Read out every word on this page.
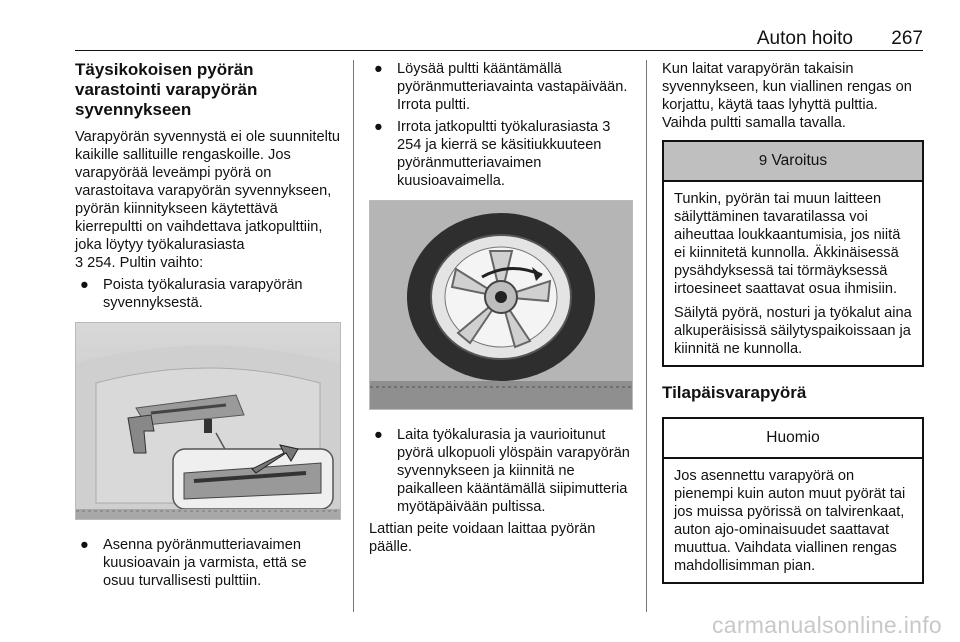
Auton hoito 267
Täysikokoisen pyörän varastointi varapyörän syvennykseen

Varapyörän syvennystä ei ole suunniteltu kaikille sallituille rengaskoille. Jos varapyörää leveämpi pyörä on varastoitava varapyörän syvennykseen, pyörän kiinnitykseen käytettävä kierrepultti on vaihdettava jatkopulttiin, joka löytyy työkalurasiasta

3 254. Pultin vaihto:

● Poista työkalurasia varapyörän syvennyksestä.
● Asenna pyöränmutteriavaimen kuusioavain ja varmista, että se osuu turvallisesti pulttiin.
● Löysää pultti kääntämällä pyöränmutteriavainta vastapäivään. Irrota pultti.
● Irrota jatkopultti työkalurasiasta 3 254 ja kierrä se käsitiukkuuteen pyöränmutteriavaimen kuusioavaimella.
● Laita työkalurasia ja vaurioitunut pyörä ulkopuoli ylöspäin varapyörän syvennykseen ja kiinnitä ne paikalleen kääntämällä siipimutteria myötäpäivään pultissa.

Lattian peite voidaan laittaa pyörän päälle.

Kun laitat varapyörän takaisin syvennykseen, kun viallinen rengas on korjattu, käytä taas lyhyttä pulttia. Vaihda pultti samalla tavalla.

9 Varoitus

Tunkin, pyörän tai muun laitteen säilyttäminen tavaratilassa voi aiheuttaa loukkaantumisia, jos niitä ei kiinnitetä kunnolla. Äkkinäisessä pysähdyksessä tai törmäyksessä irtoesineet saattavat osua ihmisiin.

Säilytä pyörä, nosturi ja työkalut aina alkuperäisissä säilytyspaikoissaan ja kiinnitä ne kunnolla.

Tilapäisvarapyörä
Huomio

Jos asennettu varapyörä on pienempi kuin auton muut pyörät tai jos muissa pyörissä on talvirenkaat, auton ajo-ominaisuudet saattavat muuttua. Vaihdata viallinen rengas mahdollisimman pian.

carmanualsonline.info
